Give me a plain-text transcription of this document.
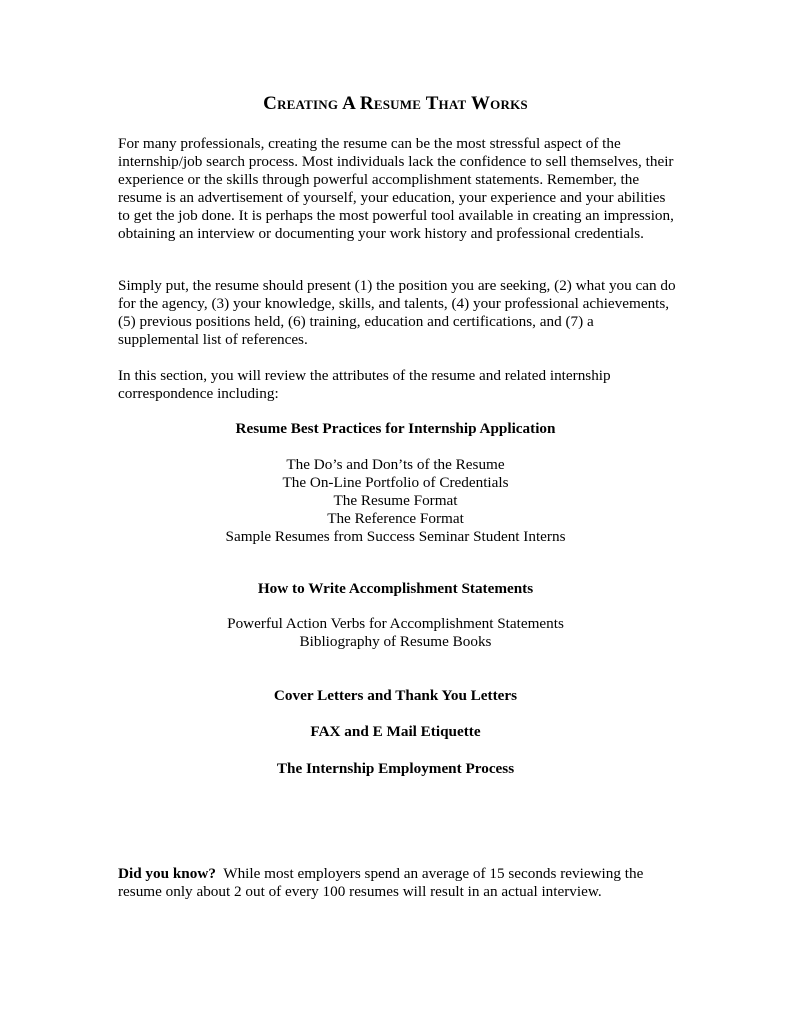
Creating A Resume That Works

For many professionals, creating the resume can be the most stressful aspect of the internship/job search process. Most individuals lack the confidence to sell themselves, their experience or the skills through powerful accomplishment statements. Remember, the resume is an advertisement of yourself, your education, your experience and your abilities to get the job done. It is perhaps the most powerful tool available in creating an impression, obtaining an interview or documenting your work history and professional credentials.

Simply put, the resume should present (1) the position you are seeking, (2) what you can do for the agency, (3) your knowledge, skills, and talents, (4) your professional achievements, (5) previous positions held, (6) training, education and certifications, and (7) a supplemental list of references.

In this section, you will review the attributes of the resume and related internship correspondence including:

Resume Best Practices for Internship Application
The Do’s and Don’ts of the Resume
The On-Line Portfolio of Credentials
The Resume Format
The Reference Format
Sample Resumes from Success Seminar Student Interns
How to Write Accomplishment Statements
Powerful Action Verbs for Accomplishment Statements
Bibliography of Resume Books
Cover Letters and Thank You Letters
FAX and E Mail Etiquette
The Internship Employment Process
Did you know? While most employers spend an average of 15 seconds reviewing the resume only about 2 out of every 100 resumes will result in an actual interview.
